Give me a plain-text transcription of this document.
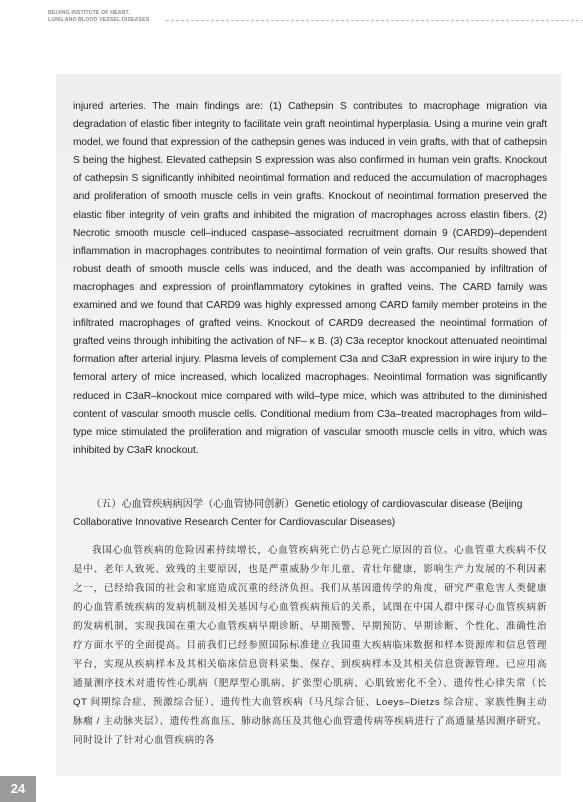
BEIJING INSTITUTE OF HEART,
LUNG AND BLOOD VESSEL DISEASES

injured arteries. The main findings are: (1) Cathepsin S contributes to macrophage migration via degradation of elastic fiber integrity to facilitate vein graft neointimal hyperplasia. Using a murine vein graft model, we found that expression of the cathepsin genes was induced in vein grafts, with that of cathepsin S being the highest. Elevated cathepsin S expression was also confirmed in human vein grafts. Knockout of cathepsin S significantly inhibited neointimal formation and reduced the accumulation of macrophages and proliferation of smooth muscle cells in vein grafts. Knockout of neointimal formation preserved the elastic fiber integrity of vein grafts and inhibited the migration of macrophages across elastin fibers. (2) Necrotic smooth muscle cell–induced caspase–associated recruitment domain 9 (CARD9)–dependent inflammation in macrophages contributes to neointimal formation of vein grafts. Our results showed that robust death of smooth muscle cells was induced, and the death was accompanied by infiltration of macrophages and expression of proinflammatory cytokines in grafted veins. The CARD family was examined and we found that CARD9 was highly expressed among CARD family member proteins in the infiltrated macrophages of grafted veins. Knockout of CARD9 decreased the neointimal formation of grafted veins through inhibiting the activation of NF– κ B. (3) C3a receptor knockout attenuated neointimal formation after arterial injury. Plasma levels of complement C3a and C3aR expression in wire injury to the femoral artery of mice increased, which localized macrophages. Neointimal formation was significantly reduced in C3aR–knockout mice compared with wild–type mice, which was attributed to the diminished content of vascular smooth muscle cells. Conditional medium from C3a–treated macrophages from wild–type mice stimulated the proliferation and migration of vascular smooth muscle cells in vitro, which was inhibited by C3aR knockout.

（五）心血管疾病病因学（心血管协同创新）Genetic etiology of cardiovascular disease (Beijing
Collaborative Innovative Research Center for Cardiovascular Diseases)
我国心血管疾病的危险因素持续增长，心血管疾病死亡仍占总死亡原因的首位。心血管重大疾病不仅是中、老年人致死、致残的主要原因，也是严重威胁少年儿童、青壮年健康，影响生产力发展的不利因素之一，已经给我国的社会和家庭造成沉重的经济负担。我们从基因遗传学的角度，研究严重危害人类健康的心血管系统疾病的发病机制及相关基因与心血管疾病预后的关系，试图在中国人群中探寻心血管疾病新的发病机制，实现我国在重大心血管疾病早期诊断、早期预警、早期预防、早期诊断、个性化、准确性治疗方面水平的全面提高。目前我们已经参照国际标准建立我国重大疾病临床数据和样本资源库和信息管理平台，实现从疾病样本及其相关临床信息资料采集、保存、到疾病样本及其相关信息资源管理。已应用高通量测序技术对遗传性心肌病（肥厚型心肌病、扩张型心肌病、心肌致密化不全）、遗传性心律失常（长 QT 间期综合症、预激综合征）、遗传性大血管疾病（马凡综合征、Loeys–Dietzs 综合症、家族性胸主动脉瘤 / 主动脉夹层）、遗传性高血压、肺动脉高压及其他心血管遗传病等疾病进行了高通量基因测序研究。同时设计了针对心血管疾病的各
24
